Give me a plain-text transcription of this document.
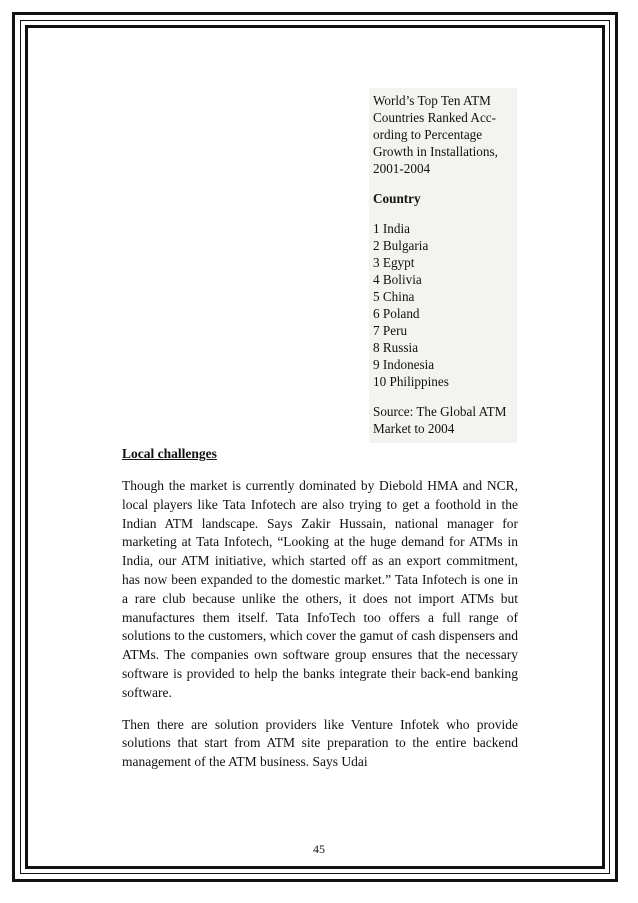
World’s Top Ten ATM Countries Ranked Acc-ording to Percentage Growth in Installations, 2001-2004

Country

1 India
2 Bulgaria
3 Egypt
4 Bolivia
5 China
6 Poland
7 Peru
8 Russia
9 Indonesia
10 Philippines

Source: The Global ATM Market to 2004

Local challenges

Though the market is currently dominated by Diebold HMA and NCR, local players like Tata Infotech are also trying to get a foothold in the Indian ATM landscape. Says Zakir Hussain, national manager for marketing at Tata Infotech, “Looking at the huge demand for ATMs in India, our ATM initiative, which started off as an export commitment, has now been expanded to the domestic market.” Tata Infotech is one in a rare club because unlike the others, it does not import ATMs but manufactures them itself. Tata InfoTech too offers a full range of solutions to the customers, which cover the gamut of cash dispensers and ATMs. The companies own software group ensures that the necessary software is provided to help the banks integrate their back-end banking software.

Then there are solution providers like Venture Infotek who provide solutions that start from ATM site preparation to the entire backend management of the ATM business. Says Udai

45
